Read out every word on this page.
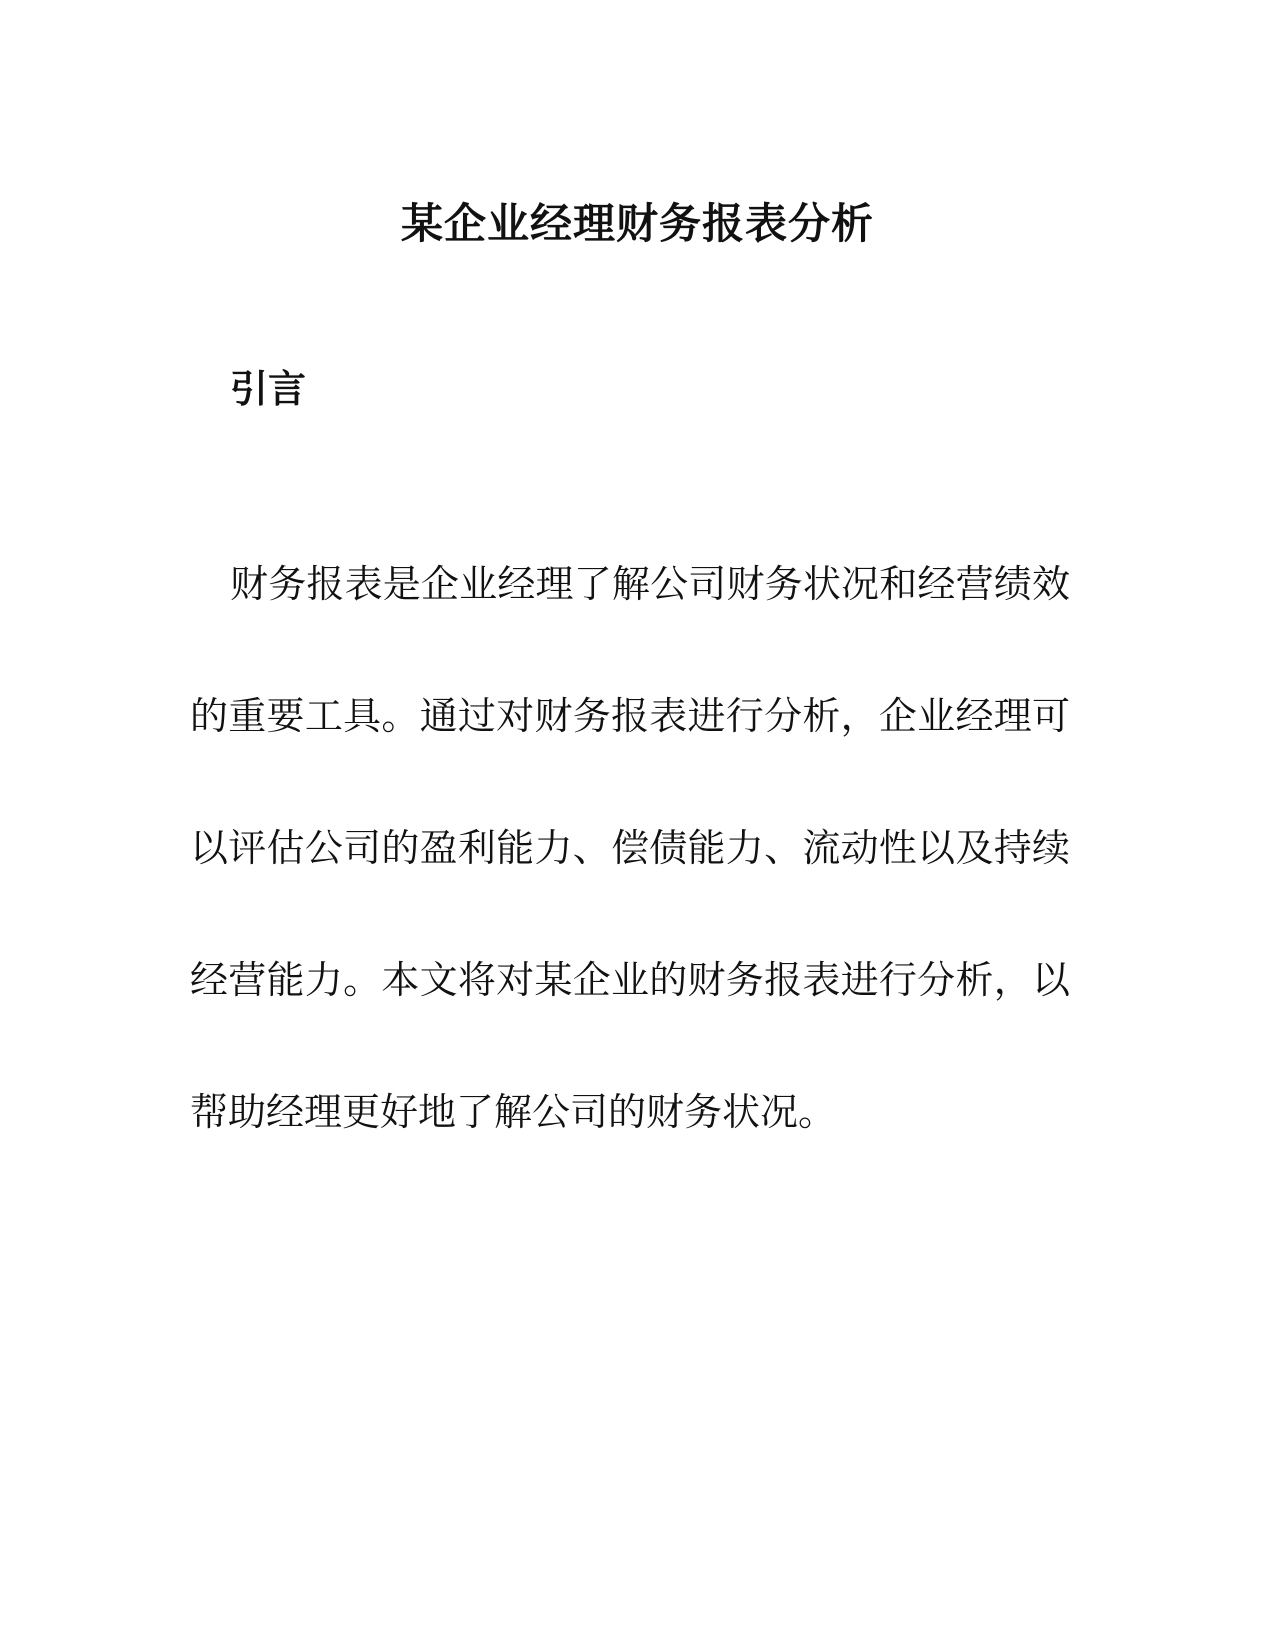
某企业经理财务报表分析
引言

财务报表是企业经理了解公司财务状况和经营绩效的重要工具。通过对财务报表进行分析，企业经理可以评估公司的盈利能力、偿债能力、流动性以及持续经营能力。本文将对某企业的财务报表进行分析，以帮助经理更好地了解公司的财务状况。
